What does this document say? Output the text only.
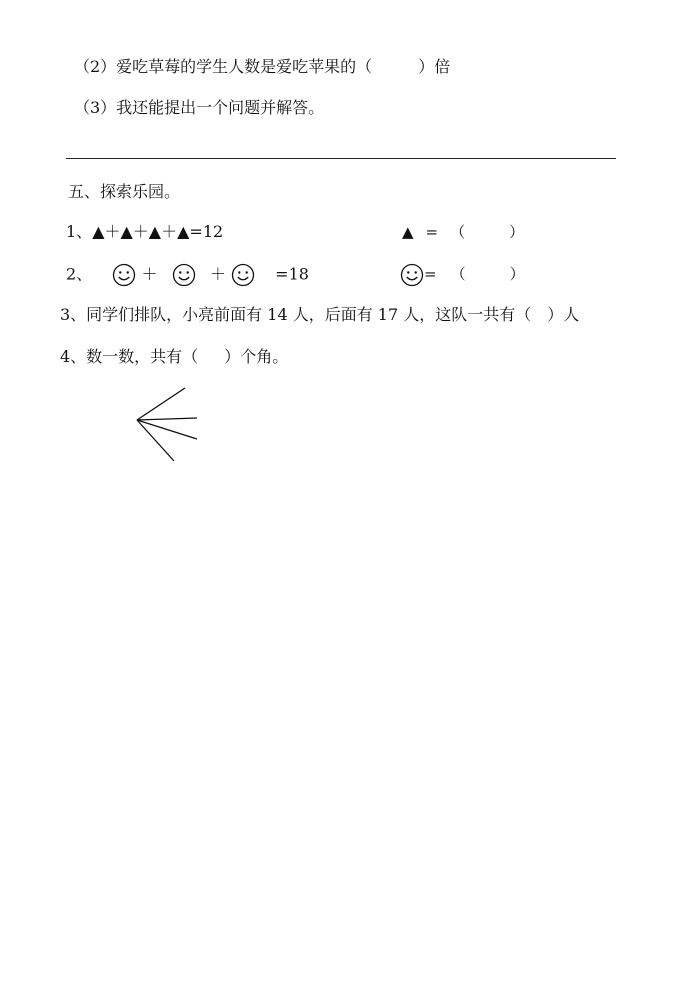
（2）爱吃草莓的学生人数是爱吃苹果的（	）倍
（3）我还能提出一个问题并解答。
五、探索乐园。
1、▲＋▲＋▲＋▲=12	▲ = （	）
2、	＋	＋	=18	= （	）
3、同学们排队，小亮前面有 14 人，后面有 17 人，这队一共有（　）人
4、数一数，共有（ ）个角。
